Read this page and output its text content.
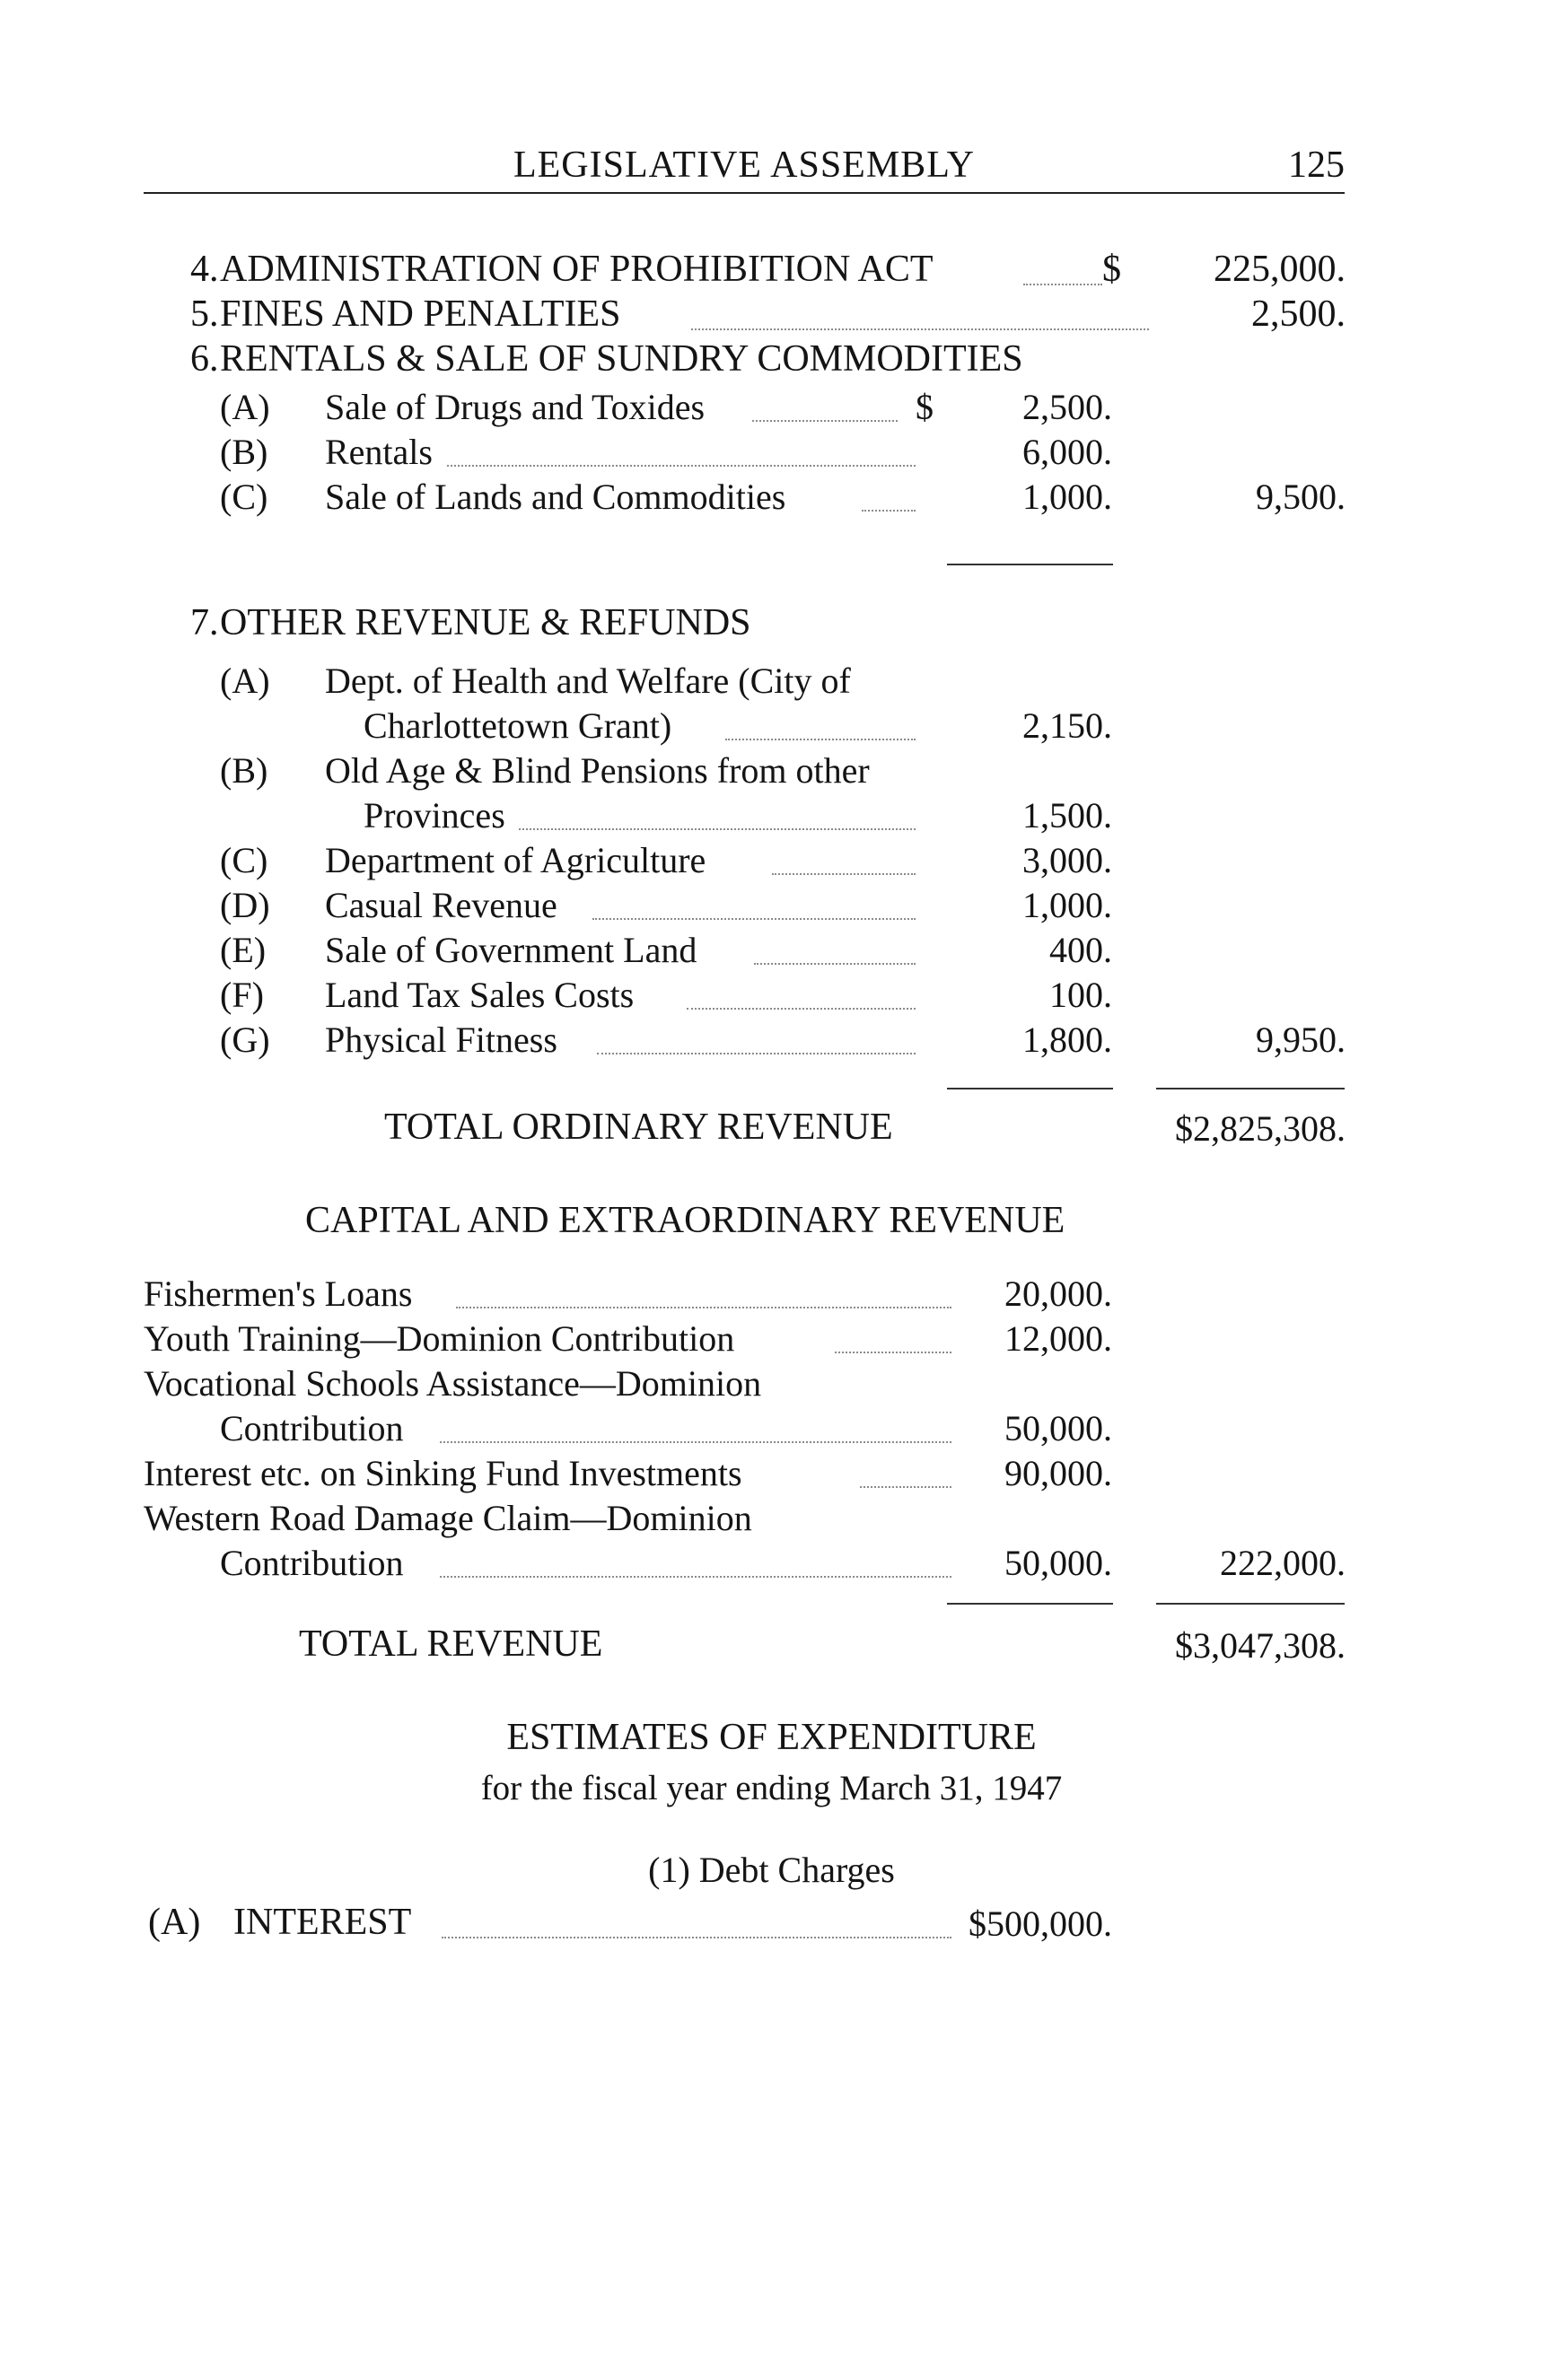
LEGISLATIVE ASSEMBLY	125
4. ADMINISTRATION OF PROHIBITION ACT	$ 225,000.
5. FINES AND PENALTIES	2,500.
6. RENTALS & SALE OF SUNDRY COMMODITIES
(A) Sale of Drugs and Toxides	$ 2,500.
(B) Rentals	6,000.
(C) Sale of Lands and Commodities	1,000.	9,500.
7. OTHER REVENUE & REFUNDS
(A) Dept. of Health and Welfare (City of
Charlottetown Grant)	2,150.
(B) Old Age & Blind Pensions from other
Provinces	1,500.
(C) Department of Agriculture	3,000.
(D) Casual Revenue	1,000.
(E) Sale of Government Land	400.
(F) Land Tax Sales Costs	100.
(G) Physical Fitness	1,800.	9,950.
TOTAL ORDINARY REVENUE	$2,825,308.
CAPITAL AND EXTRAORDINARY REVENUE
Fishermen's Loans	20,000.
Youth Training—Dominion Contribution	12,000.
Vocational Schools Assistance—Dominion
Contribution	50,000.
Interest etc. on Sinking Fund Investments	90,000.
Western Road Damage Claim—Dominion
Contribution	50,000.	222,000.
TOTAL REVENUE	$3,047,308.
ESTIMATES OF EXPENDITURE
for the fiscal year ending March 31, 1947
(1) Debt Charges
(A) INTEREST	$500,000.
